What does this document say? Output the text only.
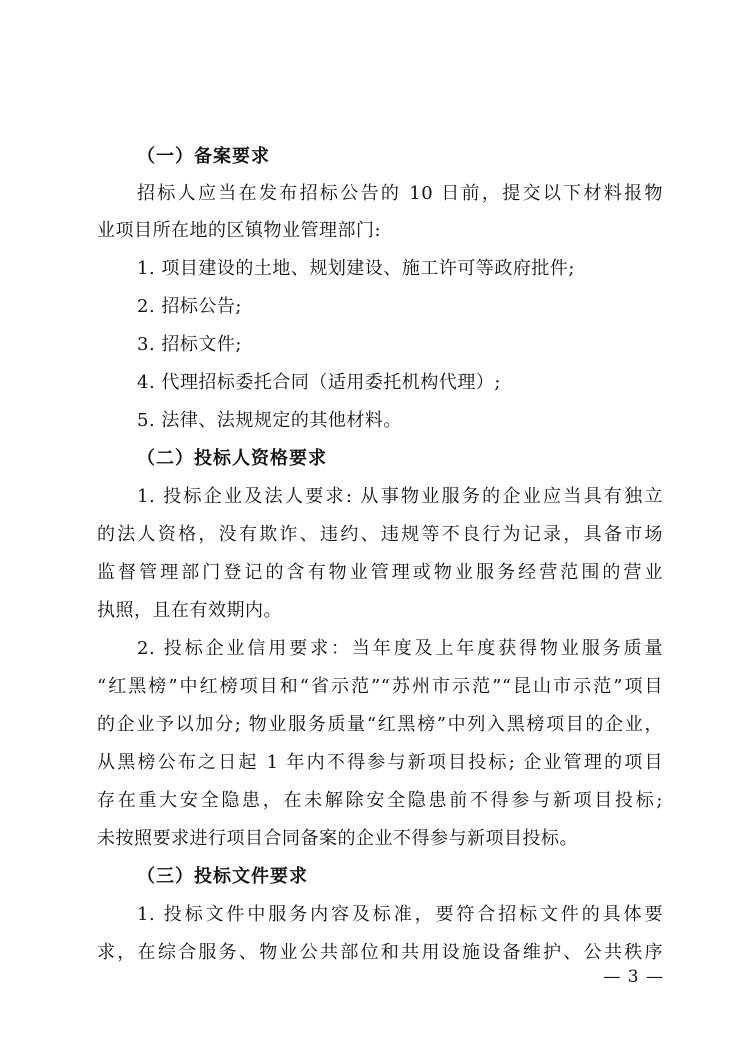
（一）备案要求
招标人应当在发布招标公告的 10 日前，提交以下材料报物
业项目所在地的区镇物业管理部门:
1. 项目建设的土地、规划建设、施工许可等政府批件;
2. 招标公告;
3. 招标文件;
4. 代理招标委托合同（适用委托机构代理）;
5. 法律、法规规定的其他材料。
（二）投标人资格要求
1. 投标企业及法人要求: 从事物业服务的企业应当具有独立
的法人资格，没有欺诈、违约、违规等不良行为记录，具备市场
监督管理部门登记的含有物业管理或物业服务经营范围的营业
执照，且在有效期内。
2. 投标企业信用要求：当年度及上年度获得物业服务质量
“红黑榜”中红榜项目和“省示范”“苏州市示范”“昆山市示范”项目
的企业予以加分; 物业服务质量“红黑榜”中列入黑榜项目的企业，
从黑榜公布之日起 1 年内不得参与新项目投标; 企业管理的项目
存在重大安全隐患，在未解除安全隐患前不得参与新项目投标;
未按照要求进行项目合同备案的企业不得参与新项目投标。
（三）投标文件要求
1. 投标文件中服务内容及标准，要符合招标文件的具体要
求，在综合服务、物业公共部位和共用设施设备维护、公共秩序
— 3 —
